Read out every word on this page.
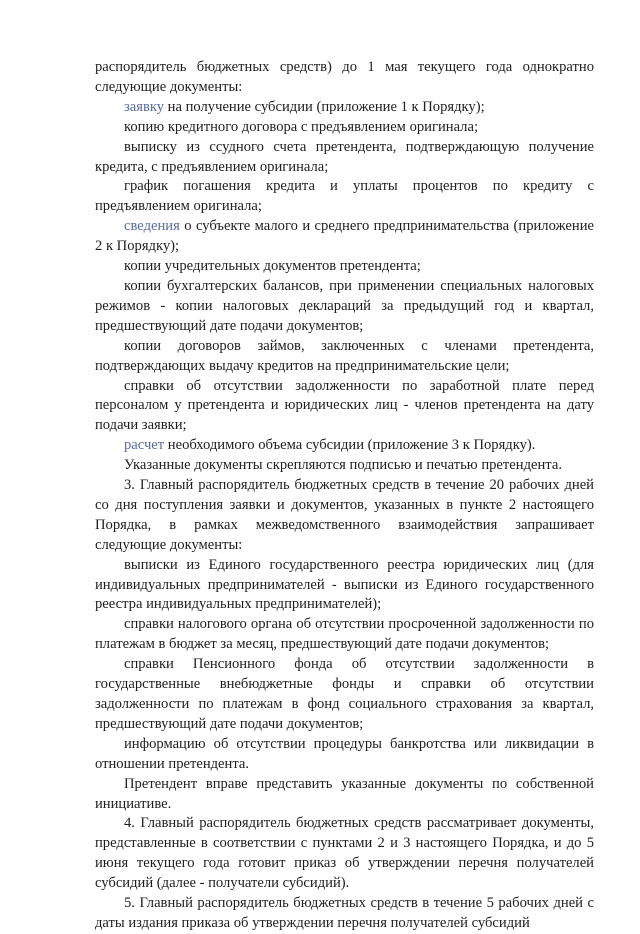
распорядитель бюджетных средств) до 1 мая текущего года однократно следующие документы:

заявку на получение субсидии (приложение 1 к Порядку);

копию кредитного договора с предъявлением оригинала;

выписку из ссудного счета претендента, подтверждающую получение кредита, с предъявлением оригинала;

график погашения кредита и уплаты процентов по кредиту с предъявлением оригинала;

сведения о субъекте малого и среднего предпринимательства (приложение 2 к Порядку);

копии учредительных документов претендента;

копии бухгалтерских балансов, при применении специальных налоговых режимов - копии налоговых деклараций за предыдущий год и квартал, предшествующий дате подачи документов;

копии договоров займов, заключенных с членами претендента, подтверждающих выдачу кредитов на предпринимательские цели;

справки об отсутствии задолженности по заработной плате перед персоналом у претендента и юридических лиц - членов претендента на дату подачи заявки;

расчет необходимого объема субсидии (приложение 3 к Порядку).

Указанные документы скрепляются подписью и печатью претендента.

3. Главный распорядитель бюджетных средств в течение 20 рабочих дней со дня поступления заявки и документов, указанных в пункте 2 настоящего Порядка, в рамках межведомственного взаимодействия запрашивает следующие документы:

выписки из Единого государственного реестра юридических лиц (для индивидуальных предпринимателей - выписки из Единого государственного реестра индивидуальных предпринимателей);

справки налогового органа об отсутствии просроченной задолженности по платежам в бюджет за месяц, предшествующий дате подачи документов;

справки Пенсионного фонда об отсутствии задолженности в государственные внебюджетные фонды и справки об отсутствии задолженности по платежам в фонд социального страхования за квартал, предшествующий дате подачи документов;

информацию об отсутствии процедуры банкротства или ликвидации в отношении претендента.

Претендент вправе представить указанные документы по собственной инициативе.

4. Главный распорядитель бюджетных средств рассматривает документы, представленные в соответствии с пунктами 2 и 3 настоящего Порядка, и до 5 июня текущего года готовит приказ об утверждении перечня получателей субсидий (далее - получатели субсидий).

5. Главный распорядитель бюджетных средств в течение 5 рабочих дней с даты издания приказа об утверждении перечня получателей субсидий
